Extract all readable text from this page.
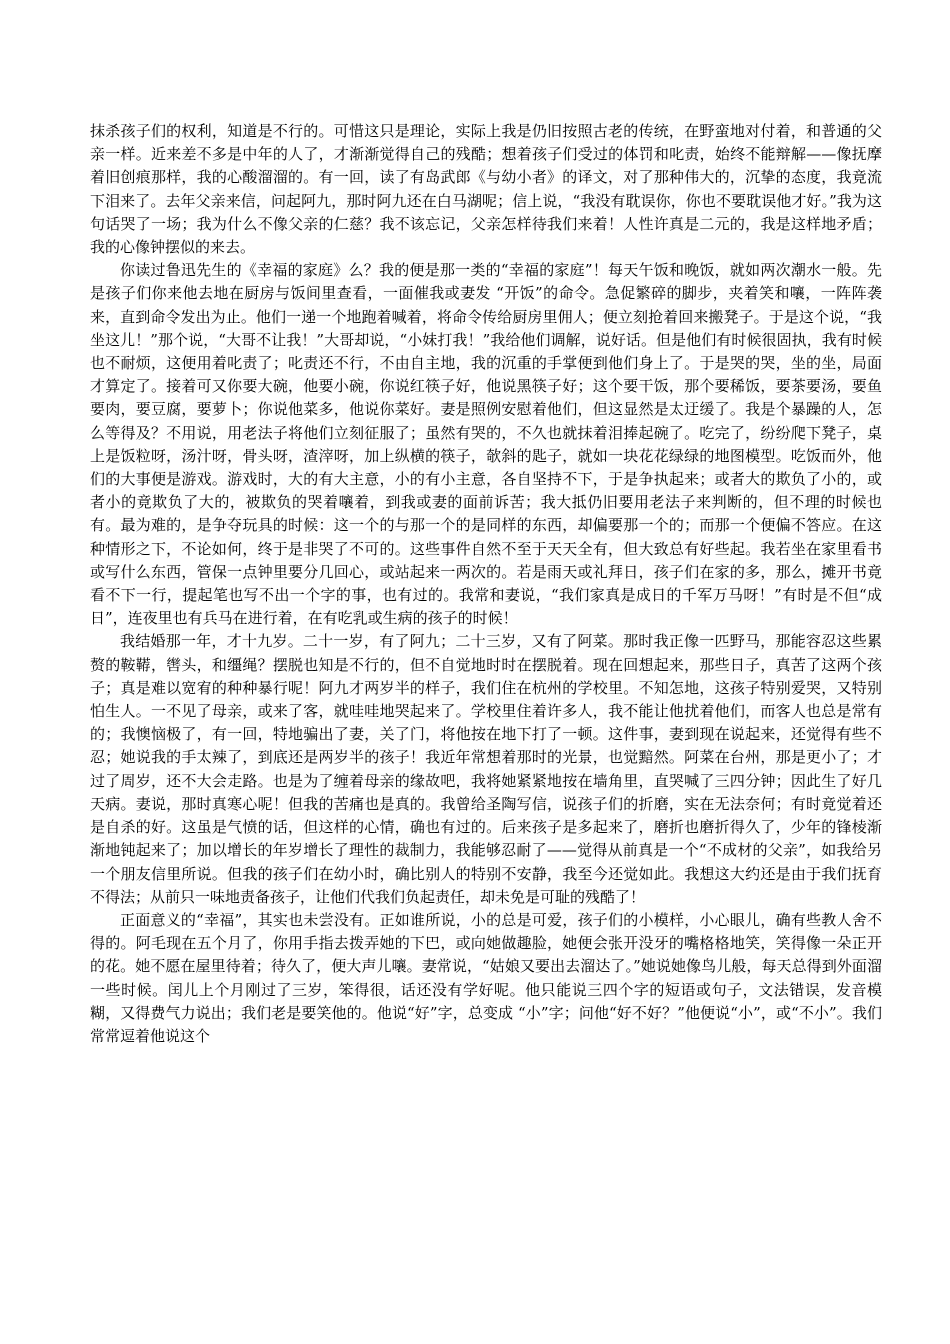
抹杀孩子们的权利，知道是不行的。可惜这只是理论，实际上我是仍旧按照古老的传统，在野蛮地对付着，和普通的父亲一样。近来差不多是中年的人了，才渐渐觉得自己的残酷；想着孩子们受过的体罚和叱责，始终不能辩解——像抚摩着旧创痕那样，我的心酸溜溜的。有一回，读了有岛武郎《与幼小者》的译文，对了那种伟大的，沉挚的态度，我竟流下泪来了。去年父亲来信，问起阿九，那时阿九还在白马湖呢；信上说，“我没有耽误你，你也不要耽误他才好。”我为这句话哭了一场；我为什么不像父亲的仁慈？我不该忘记，父亲怎样待我们来着！人性许真是二元的，我是这样地矛盾；我的心像钟摆似的来去。

你读过鲁迅先生的《幸福的家庭》么？我的便是那一类的“幸福的家庭”！每天午饭和晚饭，就如两次潮水一般。先是孩子们你来他去地在厨房与饭间里查看，一面催我或妻发 “开饭”的命令。急促繁碎的脚步，夹着笑和嚷，一阵阵袭来，直到命令发出为止。他们一递一个地跑着喊着，将命令传给厨房里佣人；便立刻抢着回来搬凳子。于是这个说，“我坐这儿！”那个说，“大哥不让我！”大哥却说，“小妹打我！”我给他们调解，说好话。但是他们有时候很固执，我有时候也不耐烦，这便用着叱责了；叱责还不行，不由自主地，我的沉重的手掌便到他们身上了。于是哭的哭，坐的坐，局面才算定了。接着可又你要大碗，他要小碗，你说红筷子好，他说黑筷子好；这个要干饭，那个要稀饭，要茶要汤，要鱼要肉，要豆腐，要萝卜；你说他菜多，他说你菜好。妻是照例安慰着他们，但这显然是太迂缓了。我是个暴躁的人，怎么等得及？不用说，用老法子将他们立刻征服了；虽然有哭的，不久也就抹着泪捧起碗了。吃完了，纷纷爬下凳子，桌上是饭粒呀，汤汁呀，骨头呀，渣滓呀，加上纵横的筷子，欹斜的匙子，就如一块花花绿绿的地图模型。吃饭而外，他们的大事便是游戏。游戏时，大的有大主意，小的有小主意，各自坚持不下，于是争执起来；或者大的欺负了小的，或者小的竟欺负了大的，被欺负的哭着嚷着，到我或妻的面前诉苦；我大抵仍旧要用老法子来判断的，但不理的时候也有。最为难的，是争夺玩具的时候：这一个的与那一个的是同样的东西，却偏要那一个的；而那一个便偏不答应。在这种情形之下，不论如何，终于是非哭了不可的。这些事件自然不至于天天全有，但大致总有好些起。我若坐在家里看书或写什么东西，管保一点钟里要分几回心，或站起来一两次的。若是雨天或礼拜日，孩子们在家的多，那么，摊开书竟看不下一行，提起笔也写不出一个字的事，也有过的。我常和妻说，“我们家真是成日的千军万马呀！”有时是不但“成日”，连夜里也有兵马在进行着，在有吃乳或生病的孩子的时候！

我结婚那一年，才十九岁。二十一岁，有了阿九；二十三岁，又有了阿菜。那时我正像一匹野马，那能容忍这些累赘的鞍鞯，辔头，和缰绳？摆脱也知是不行的，但不自觉地时时在摆脱着。现在回想起来，那些日子，真苦了这两个孩子；真是难以宽宥的种种暴行呢！阿九才两岁半的样子，我们住在杭州的学校里。不知怎地，这孩子特别爱哭，又特别怕生人。一不见了母亲，或来了客，就哇哇地哭起来了。学校里住着许多人，我不能让他扰着他们，而客人也总是常有的；我懊恼极了，有一回，特地骗出了妻，关了门，将他按在地下打了一顿。这件事，妻到现在说起来，还觉得有些不忍；她说我的手太辣了，到底还是两岁半的孩子！我近年常想着那时的光景，也觉黯然。阿菜在台州，那是更小了；才过了周岁，还不大会走路。也是为了缠着母亲的缘故吧，我将她紧紧地按在墙角里，直哭喊了三四分钟；因此生了好几天病。妻说，那时真寒心呢！但我的苦痛也是真的。我曾给圣陶写信，说孩子们的折磨，实在无法奈何；有时竟觉着还是自杀的好。这虽是气愤的话，但这样的心情，确也有过的。后来孩子是多起来了，磨折也磨折得久了，少年的锋棱渐渐地钝起来了；加以增长的年岁增长了理性的裁制力，我能够忍耐了——觉得从前真是一个“不成材的父亲”，如我给另一个朋友信里所说。但我的孩子们在幼小时，确比别人的特别不安静，我至今还觉如此。我想这大约还是由于我们抚育不得法；从前只一味地责备孩子，让他们代我们负起责任，却未免是可耻的残酷了！

正面意义的“幸福”，其实也未尝没有。正如谁所说，小的总是可爱，孩子们的小模样，小心眼儿，确有些教人舍不得的。阿毛现在五个月了，你用手指去拨弄她的下巴，或向她做趣脸，她便会张开没牙的嘴格格地笑，笑得像一朵正开的花。她不愿在屋里待着；待久了，便大声儿嚷。妻常说，“姑娘又要出去溜达了。”她说她像鸟儿般，每天总得到外面溜一些时候。闰儿上个月刚过了三岁，笨得很，话还没有学好呢。他只能说三四个字的短语或句子，文法错误，发音模糊，又得费气力说出；我们老是要笑他的。他说“好”字，总变成 “小”字；问他“好不好？”他便说“小”，或“不小”。我们常常逗着他说这个
